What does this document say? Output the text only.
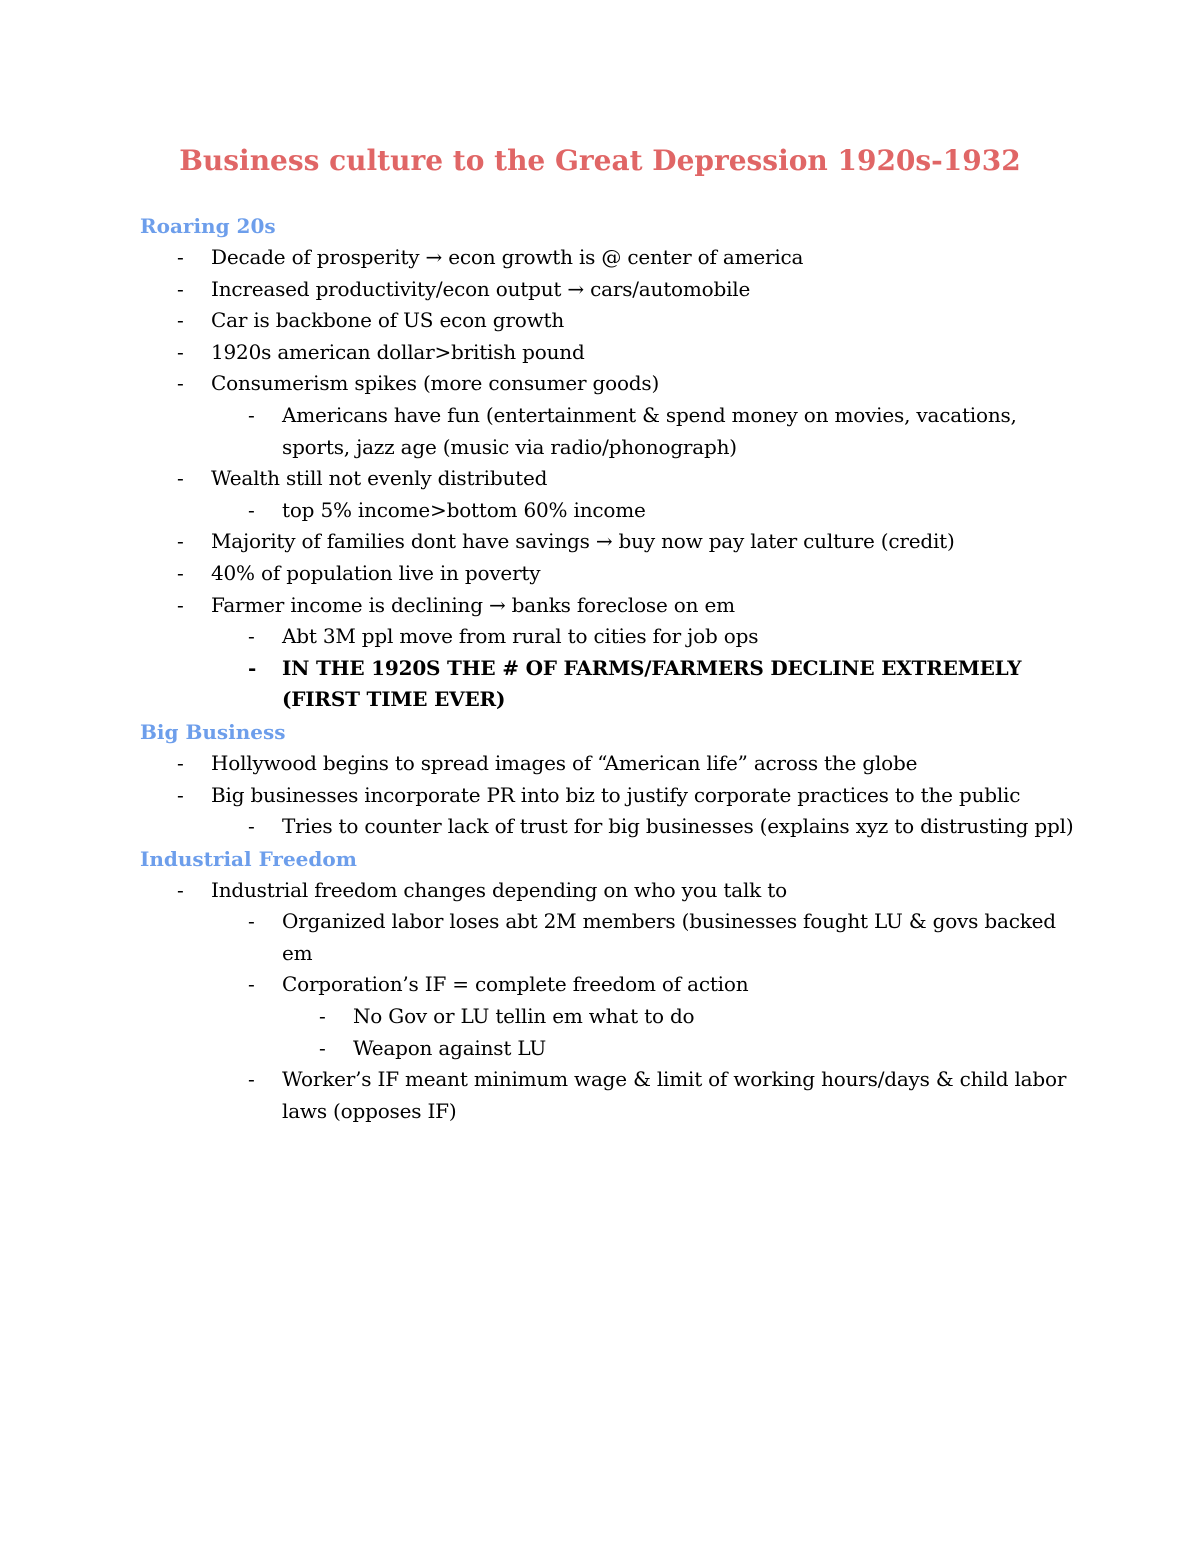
Business culture to the Great Depression 1920s-1932
Roaring 20s
- Decade of prosperity → econ growth is @ center of america
- Increased productivity/econ output → cars/automobile
- Car is backbone of US econ growth
- 1920s american dollar>british pound
- Consumerism spikes (more consumer goods)
- Americans have fun (entertainment & spend money on movies, vacations, sports, jazz age (music via radio/phonograph)
- Wealth still not evenly distributed
- top 5% income>bottom 60% income
- Majority of families dont have savings → buy now pay later culture (credit)
- 40% of population live in poverty
- Farmer income is declining → banks foreclose on em
- Abt 3M ppl move from rural to cities for job ops
- IN THE 1920S THE # OF FARMS/FARMERS DECLINE EXTREMELY (FIRST TIME EVER)
Big Business
- Hollywood begins to spread images of “American life” across the globe
- Big businesses incorporate PR into biz to justify corporate practices to the public
- Tries to counter lack of trust for big businesses (explains xyz to distrusting ppl)
Industrial Freedom
- Industrial freedom changes depending on who you talk to
- Organized labor loses abt 2M members (businesses fought LU & govs backed em
- Corporation’s IF = complete freedom of action
- No Gov or LU tellin em what to do
- Weapon against LU
- Worker’s IF meant minimum wage & limit of working hours/days & child labor laws (opposes IF)
